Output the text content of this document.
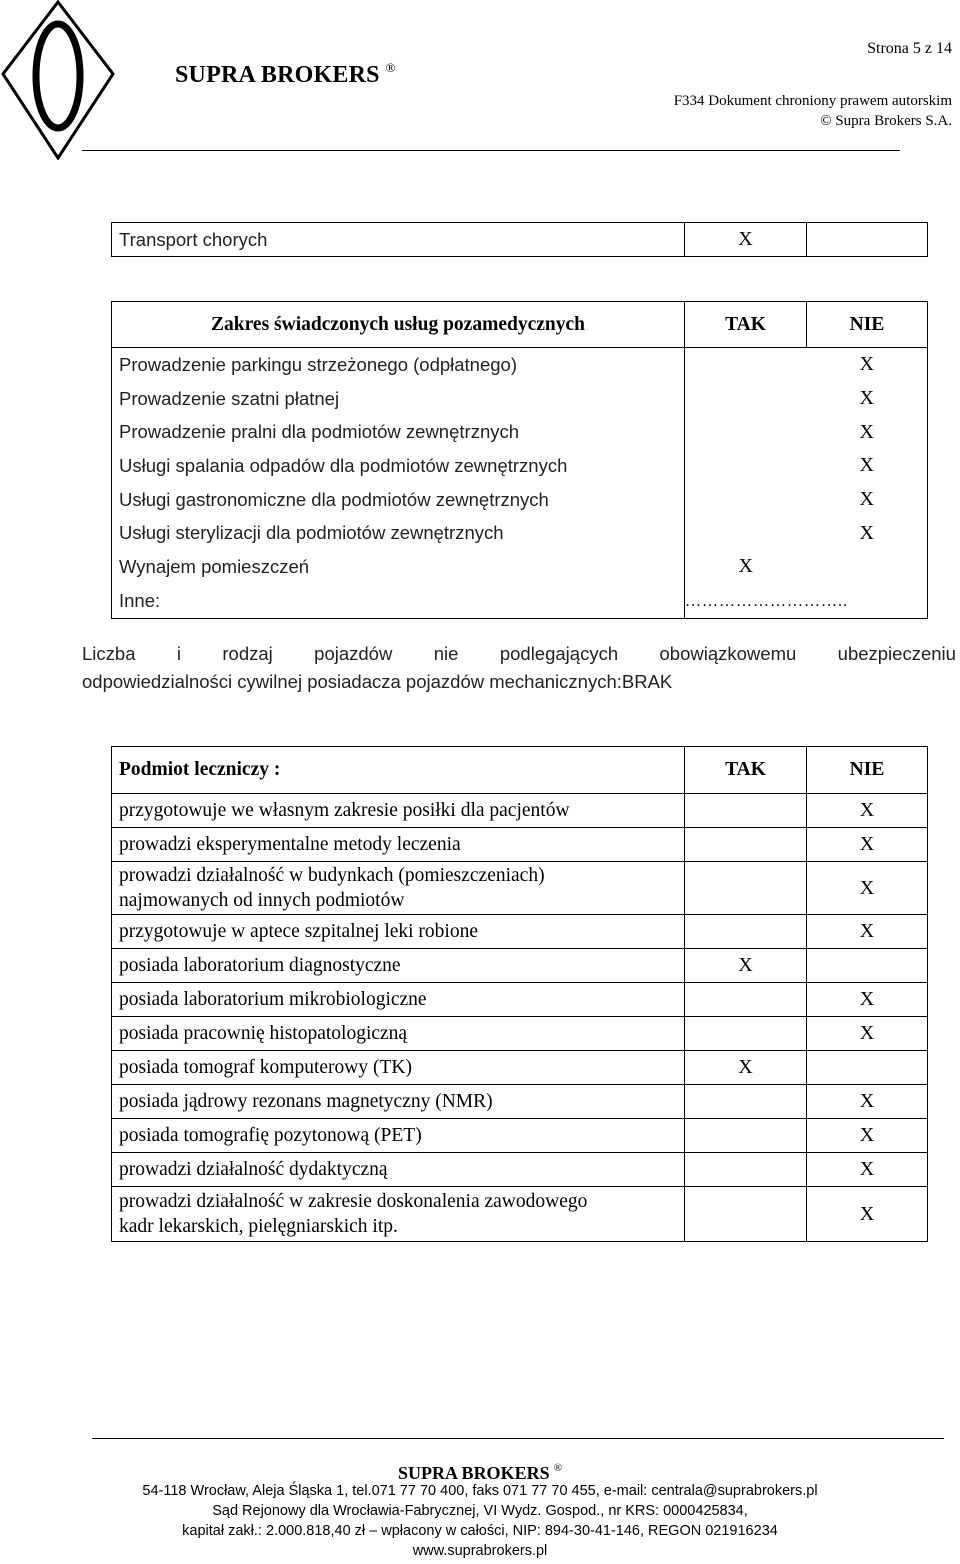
SUPRA BROKERS ®
Strona 5 z 14
F334 Dokument chroniony prawem autorskim
© Supra Brokers S.A.
Transport chorych	X	
Zakres świadczonych usług pozamedycznych	TAK	NIE
Prowadzenie parkingu strzeżonego (odpłatnego)		X
Prowadzenie szatni płatnej		X
Prowadzenie pralni dla podmiotów zewnętrznych		X
Usługi spalania odpadów dla podmiotów zewnętrznych		X
Usługi gastronomiczne dla podmiotów zewnętrznych		X
Usługi sterylizacji dla podmiotów zewnętrznych		X
Wynajem pomieszczeń	X	
Inne:	………………………..	
Liczba i rodzaj pojazdów nie podlegających obowiązkowemu ubezpieczeniu
odpowiedzialności cywilnej posiadacza pojazdów mechanicznych:BRAK
Podmiot leczniczy :	TAK	NIE
przygotowuje we własnym zakresie posiłki dla pacjentów		X
prowadzi eksperymentalne metody leczenia		X

prowadzi działalność w budynkach (pomieszczeniach)
najmowanych od innych podmiotów		X
przygotowuje w aptece szpitalnej leki robione		X
posiada laboratorium diagnostyczne	X	
posiada laboratorium mikrobiologiczne		X
posiada pracownię histopatologiczną		X
posiada tomograf komputerowy (TK)	X	
posiada jądrowy rezonans magnetyczny (NMR)		X
posiada tomografię pozytonową (PET)		X
prowadzi działalność dydaktyczną		X

prowadzi działalność w zakresie doskonalenia zawodowego
kadr lekarskich, pielęgniarskich itp.		X
SUPRA BROKERS ®
54-118 Wrocław, Aleja Śląska 1, tel.071 77 70 400, faks 071 77 70 455, e-mail: centrala@suprabrokers.pl
Sąd Rejonowy dla Wrocławia-Fabrycznej, VI Wydz. Gospod., nr KRS: 0000425834,
kapitał zakł.: 2.000.818,40 zł – wpłacony w całości, NIP: 894-30-41-146, REGON 021916234
www.suprabrokers.pl
